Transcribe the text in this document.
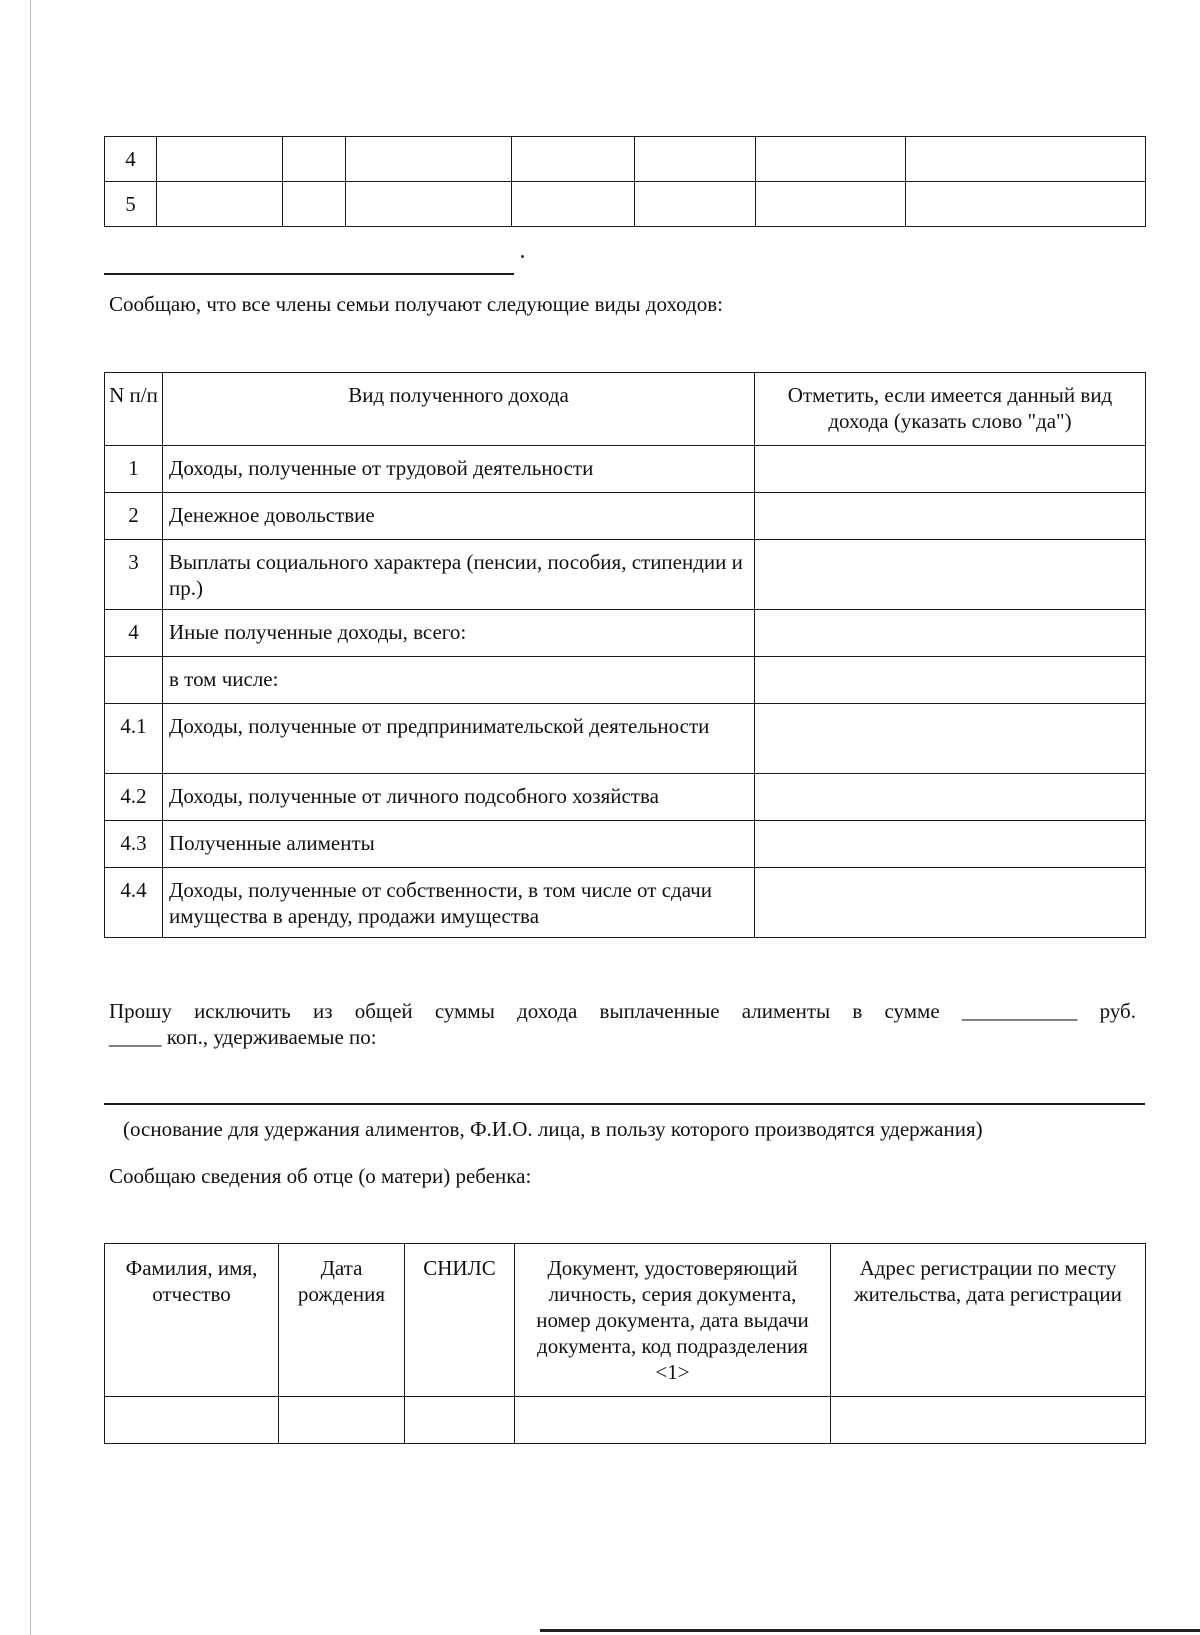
4							
5							
Сообщаю, что все члены семьи получают следующие виды доходов:
N п/п	Вид полученного дохода	Отметить, если имеется данный вид дохода (указать слово "да")
1	Доходы, полученные от трудовой деятельности	
2	Денежное довольствие	
3	Выплаты социального характера (пенсии, пособия, стипендии и пр.)	
4	Иные полученные доходы, всего:	
	в том числе:	
4.1	Доходы, полученные от предпринимательской деятельности	
4.2	Доходы, полученные от личного подсобного хозяйства	
4.3	Полученные алименты	
4.4	Доходы, полученные от собственности, в том числе от сдачи имущества в аренду, продажи имущества	
Прошу исключить из общей суммы дохода выплаченные алименты в сумме ___________ руб.
_____ коп., удерживаемые по:
(основание для удержания алиментов, Ф.И.О. лица, в пользу которого производятся удержания)
Сообщаю сведения об отце (о матери) ребенка:
Фамилия, имя, отчество	Дата рождения	СНИЛС	Документ, удостоверяющий личность, серия документа, номер документа, дата выдачи документа, код подразделения <1>	Адрес регистрации по месту жительства, дата регистрации
